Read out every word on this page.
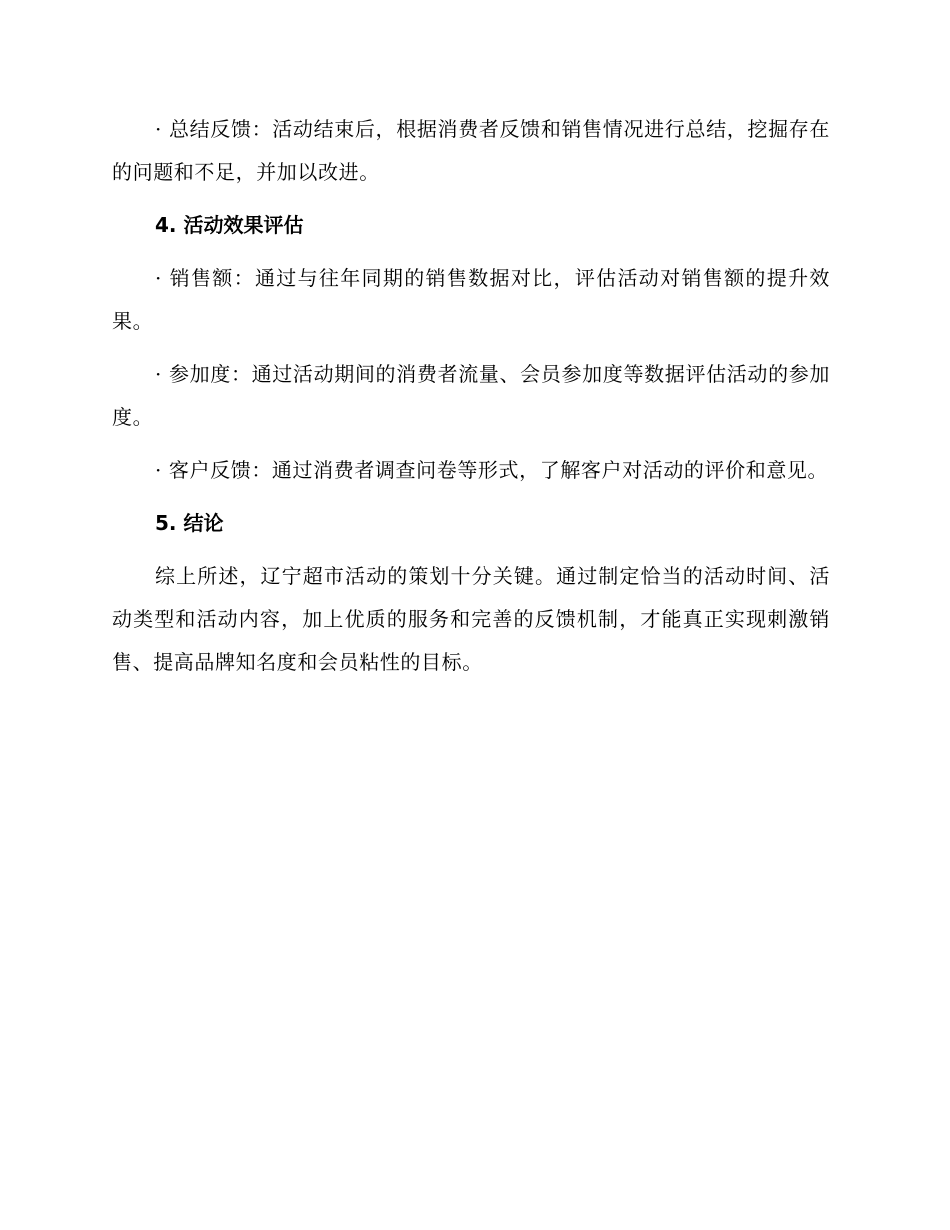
· 总结反馈：活动结束后，根据消费者反馈和销售情况进行总结，挖掘存在的问题和不足，并加以改进。

4. 活动效果评估

· 销售额：通过与往年同期的销售数据对比，评估活动对销售额的提升效果。

· 参加度：通过活动期间的消费者流量、会员参加度等数据评估活动的参加度。

· 客户反馈：通过消费者调查问卷等形式，了解客户对活动的评价和意见。

5. 结论

综上所述，辽宁超市活动的策划十分关键。通过制定恰当的活动时间、活动类型和活动内容，加上优质的服务和完善的反馈机制，才能真正实现刺激销售、提高品牌知名度和会员粘性的目标。
